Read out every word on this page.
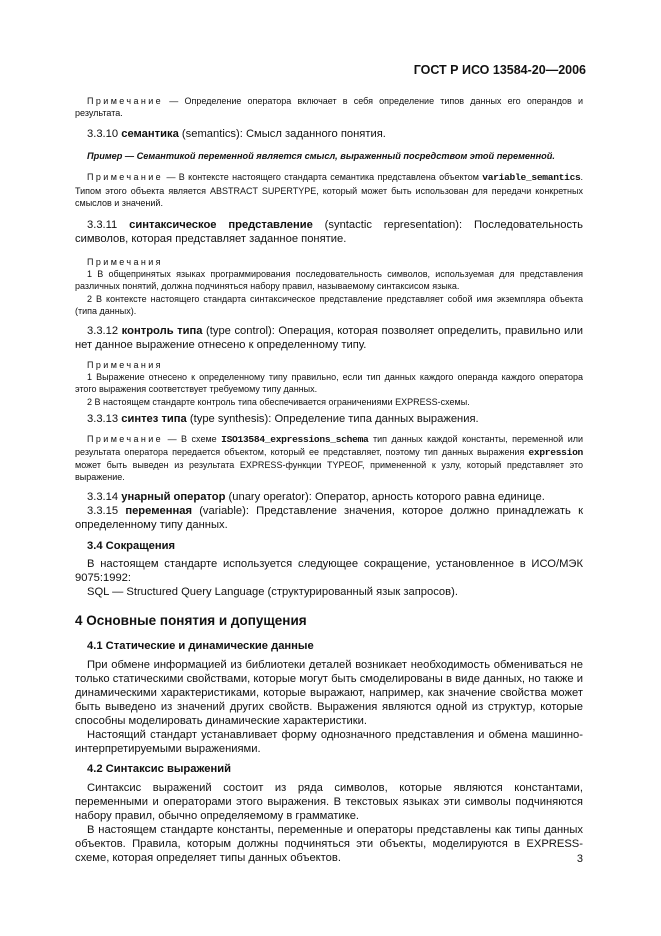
ГОСТ Р ИСО 13584-20—2006

Примечание — Определение оператора включает в себя определение типов данных его операндов и результата.

3.3.10 семантика (semantics): Смысл заданного понятия.

Пример — Семантикой переменной является смысл, выраженный посредством этой переменной.

Примечание — В контексте настоящего стандарта семантика представлена объектом variable_semantics. Типом этого объекта является ABSTRACT SUPERTYPE, который может быть использован для передачи конкретных смыслов и значений.

3.3.11 синтаксическое представление (syntactic representation): Последовательность символов, которая представляет заданное понятие.

Примечания

1 В общепринятых языках программирования последовательность символов, используемая для представления различных понятий, должна подчиняться набору правил, называемому синтаксисом языка.

2 В контексте настоящего стандарта синтаксическое представление представляет собой имя экземпляра объекта (типа данных).

3.3.12 контроль типа (type control): Операция, которая позволяет определить, правильно или нет данное выражение отнесено к определенному типу.

Примечания

1 Выражение отнесено к определенному типу правильно, если тип данных каждого операнда каждого оператора этого выражения соответствует требуемому типу данных.

2 В настоящем стандарте контроль типа обеспечивается ограничениями EXPRESS-схемы.

3.3.13 синтез типа (type synthesis): Определение типа данных выражения.

Примечание — В схеме ISO13584_expressions_schema тип данных каждой константы, переменной или результата оператора передается объектом, который ее представляет, поэтому тип данных выражения expression может быть выведен из результата EXPRESS-функции TYPEOF, примененной к узлу, который представляет это выражение.

3.3.14 унарный оператор (unary operator): Оператор, арность которого равна единице.

3.3.15 переменная (variable): Представление значения, которое должно принадлежать к определенному типу данных.

3.4 Сокращения

В настоящем стандарте используется следующее сокращение, установленное в ИСО/МЭК 9075:1992:

SQL — Structured Query Language (структурированный язык запросов).

4 Основные понятия и допущения

4.1 Статические и динамические данные

При обмене информацией из библиотеки деталей возникает необходимость обмениваться не только статическими свойствами, которые могут быть смоделированы в виде данных, но также и динамическими характеристиками, которые выражают, например, как значение свойства может быть выведено из значений других свойств. Выражения являются одной из структур, которые способны моделировать динамические характеристики.

Настоящий стандарт устанавливает форму однозначного представления и обмена машинно-интерпретируемыми выражениями.

4.2 Синтаксис выражений

Синтаксис выражений состоит из ряда символов, которые являются константами, переменными и операторами этого выражения. В текстовых языках эти символы подчиняются набору правил, обычно определяемому в грамматике.

В настоящем стандарте константы, переменные и операторы представлены как типы данных объектов. Правила, которым должны подчиняться эти объекты, моделируются в EXPRESS-схеме, которая определяет типы данных объектов.	3
